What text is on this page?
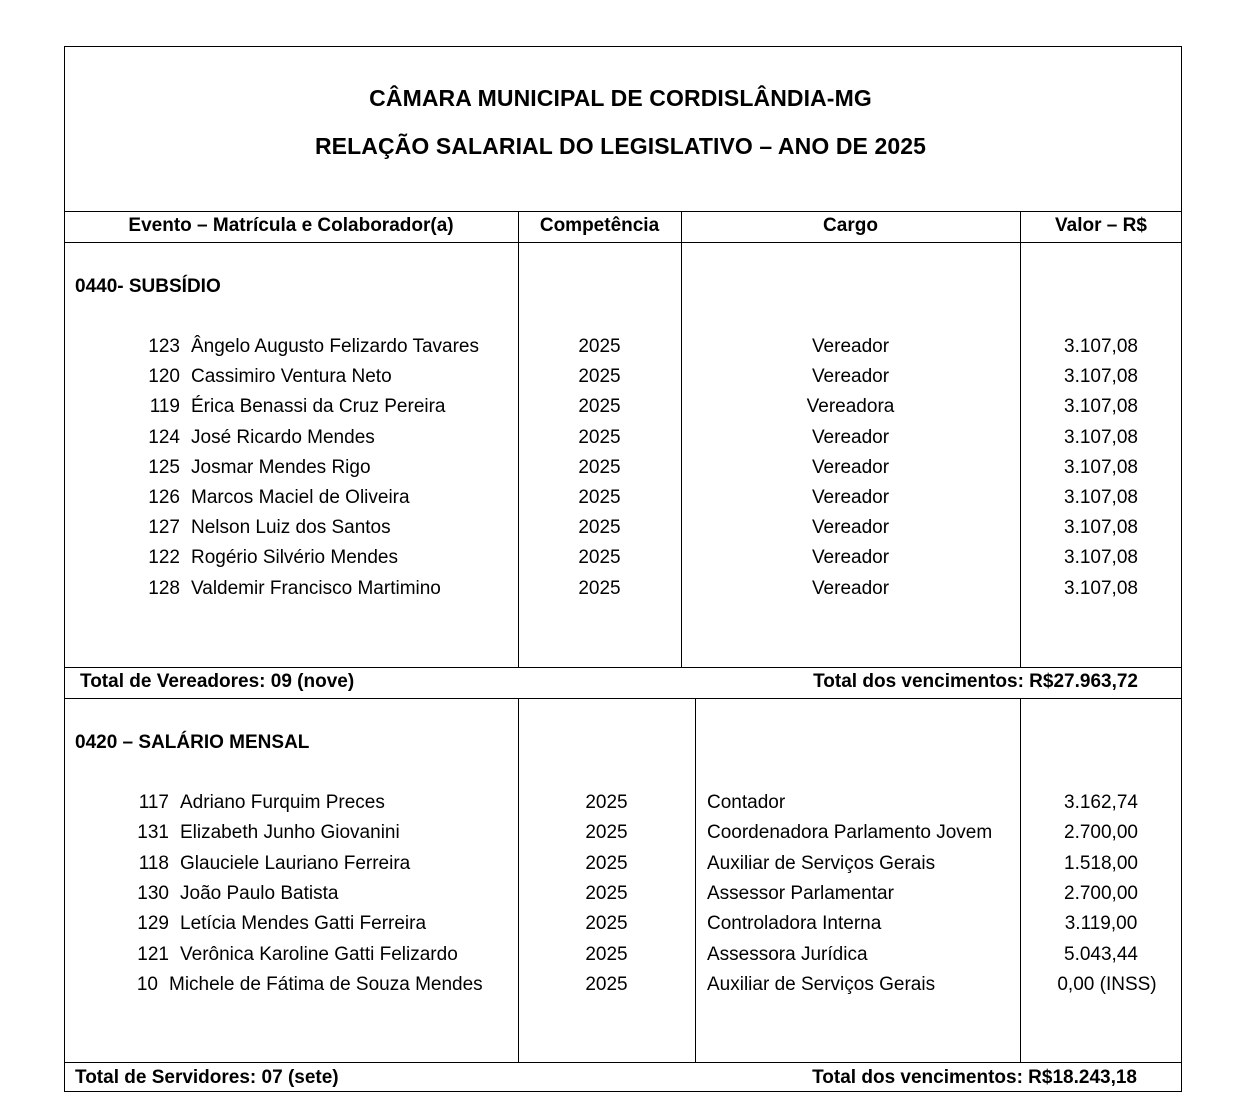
CÂMARA MUNICIPAL DE CORDISLÂNDIA-MG
RELAÇÃO SALARIAL DO LEGISLATIVO – ANO DE 2025
Evento – Matrícula e Colaborador(a)	Competência	Cargo	Valor – R$
0440- SUBSÍDIO
123 Ângelo Augusto Felizardo Tavares	2025	Vereador	3.107,08
120 Cassimiro Ventura Neto	2025	Vereador	3.107,08
119 Érica Benassi da Cruz Pereira	2025	Vereadora	3.107,08
124 José Ricardo Mendes	2025	Vereador	3.107,08
125 Josmar Mendes Rigo	2025	Vereador	3.107,08
126 Marcos Maciel de Oliveira	2025	Vereador	3.107,08
127 Nelson Luiz dos Santos	2025	Vereador	3.107,08
122 Rogério Silvério Mendes	2025	Vereador	3.107,08
128 Valdemir Francisco Martimino	2025	Vereador	3.107,08
Total de Vereadores: 09 (nove)	Total dos vencimentos: R$27.963,72
0420 – SALÁRIO MENSAL
117 Adriano Furquim Preces	2025	Contador	3.162,74
131 Elizabeth Junho Giovanini	2025	Coordenadora Parlamento Jovem	2.700,00
118 Glauciele Lauriano Ferreira	2025	Auxiliar de Serviços Gerais	1.518,00
130 João Paulo Batista	2025	Assessor Parlamentar	2.700,00
129 Letícia Mendes Gatti Ferreira	2025	Controladora Interna	3.119,00
121 Verônica Karoline Gatti Felizardo	2025	Assessora Jurídica	5.043,44
10 Michele de Fátima de Souza Mendes	2025	Auxiliar de Serviços Gerais	0,00 (INSS)
Total de Servidores: 07 (sete)	Total dos vencimentos: R$18.243,18
